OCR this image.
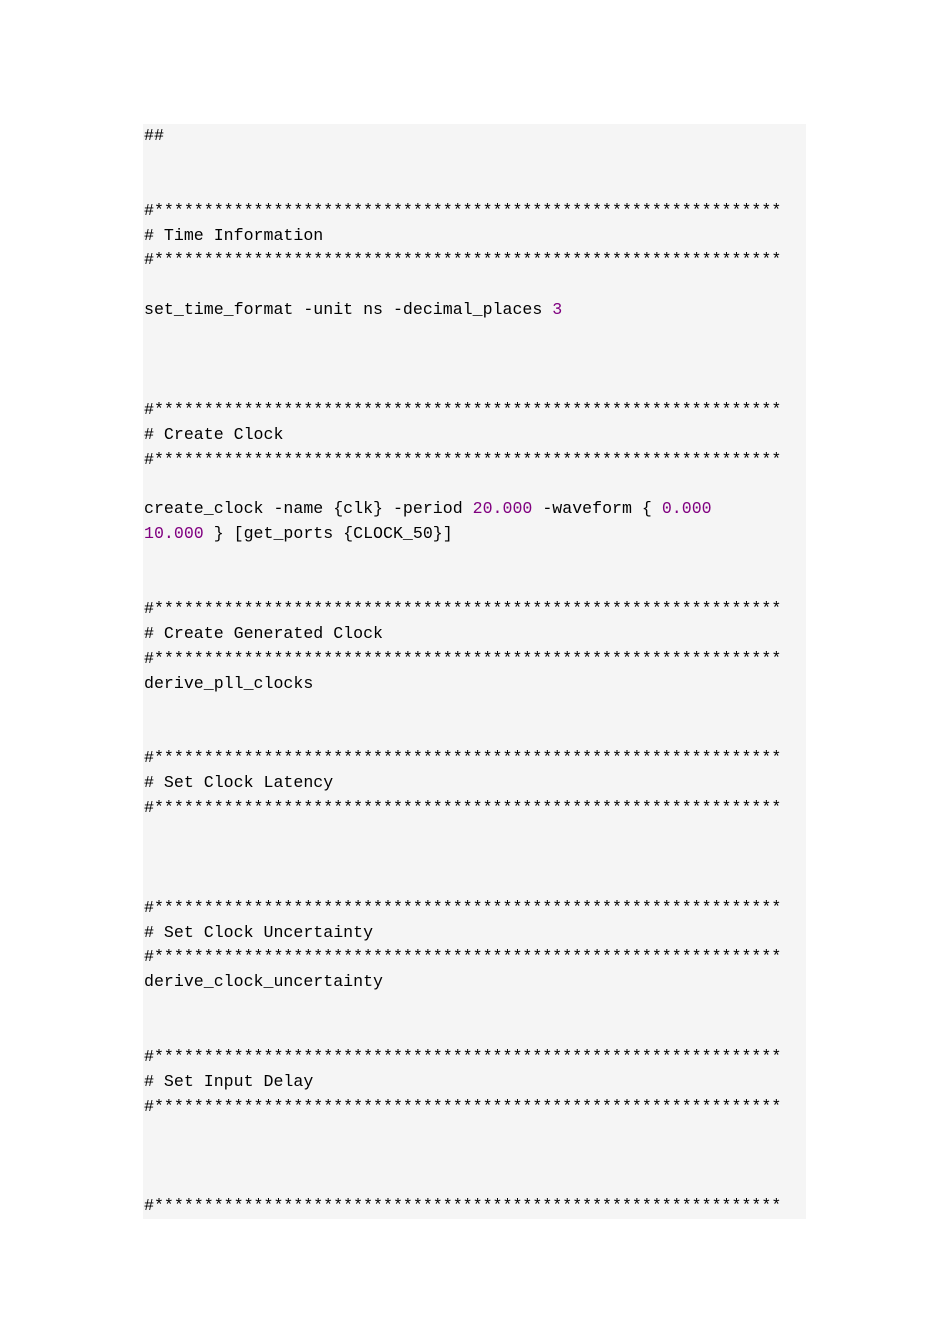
##
#***************************************************************
# Time Information
#***************************************************************
set_time_format -unit ns -decimal_places 3
#***************************************************************
# Create Clock
#***************************************************************
create_clock -name {clk} -period 20.000 -waveform { 0.000
10.000 } [get_ports {CLOCK_50}]
#***************************************************************
# Create Generated Clock
#***************************************************************
derive_pll_clocks
#***************************************************************
# Set Clock Latency
#***************************************************************
#***************************************************************
# Set Clock Uncertainty
#***************************************************************
derive_clock_uncertainty
#***************************************************************
# Set Input Delay
#***************************************************************
#***************************************************************
